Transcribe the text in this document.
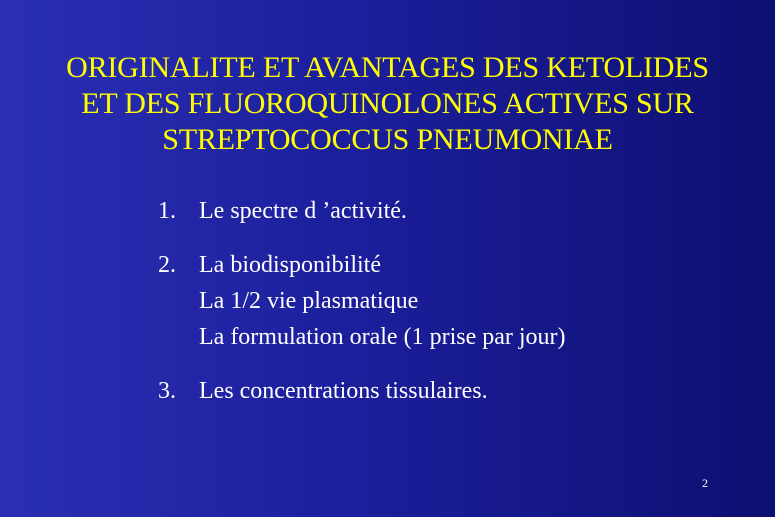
ORIGINALITE ET AVANTAGES DES KETOLIDES
ET DES FLUOROQUINOLONES ACTIVES SUR
STREPTOCOCCUS PNEUMONIAE
1. Le spectre d ’activité.
2. La biodisponibilité
La 1/2 vie plasmatique
La formulation orale (1 prise par jour)
3. Les concentrations tissulaires.
2
